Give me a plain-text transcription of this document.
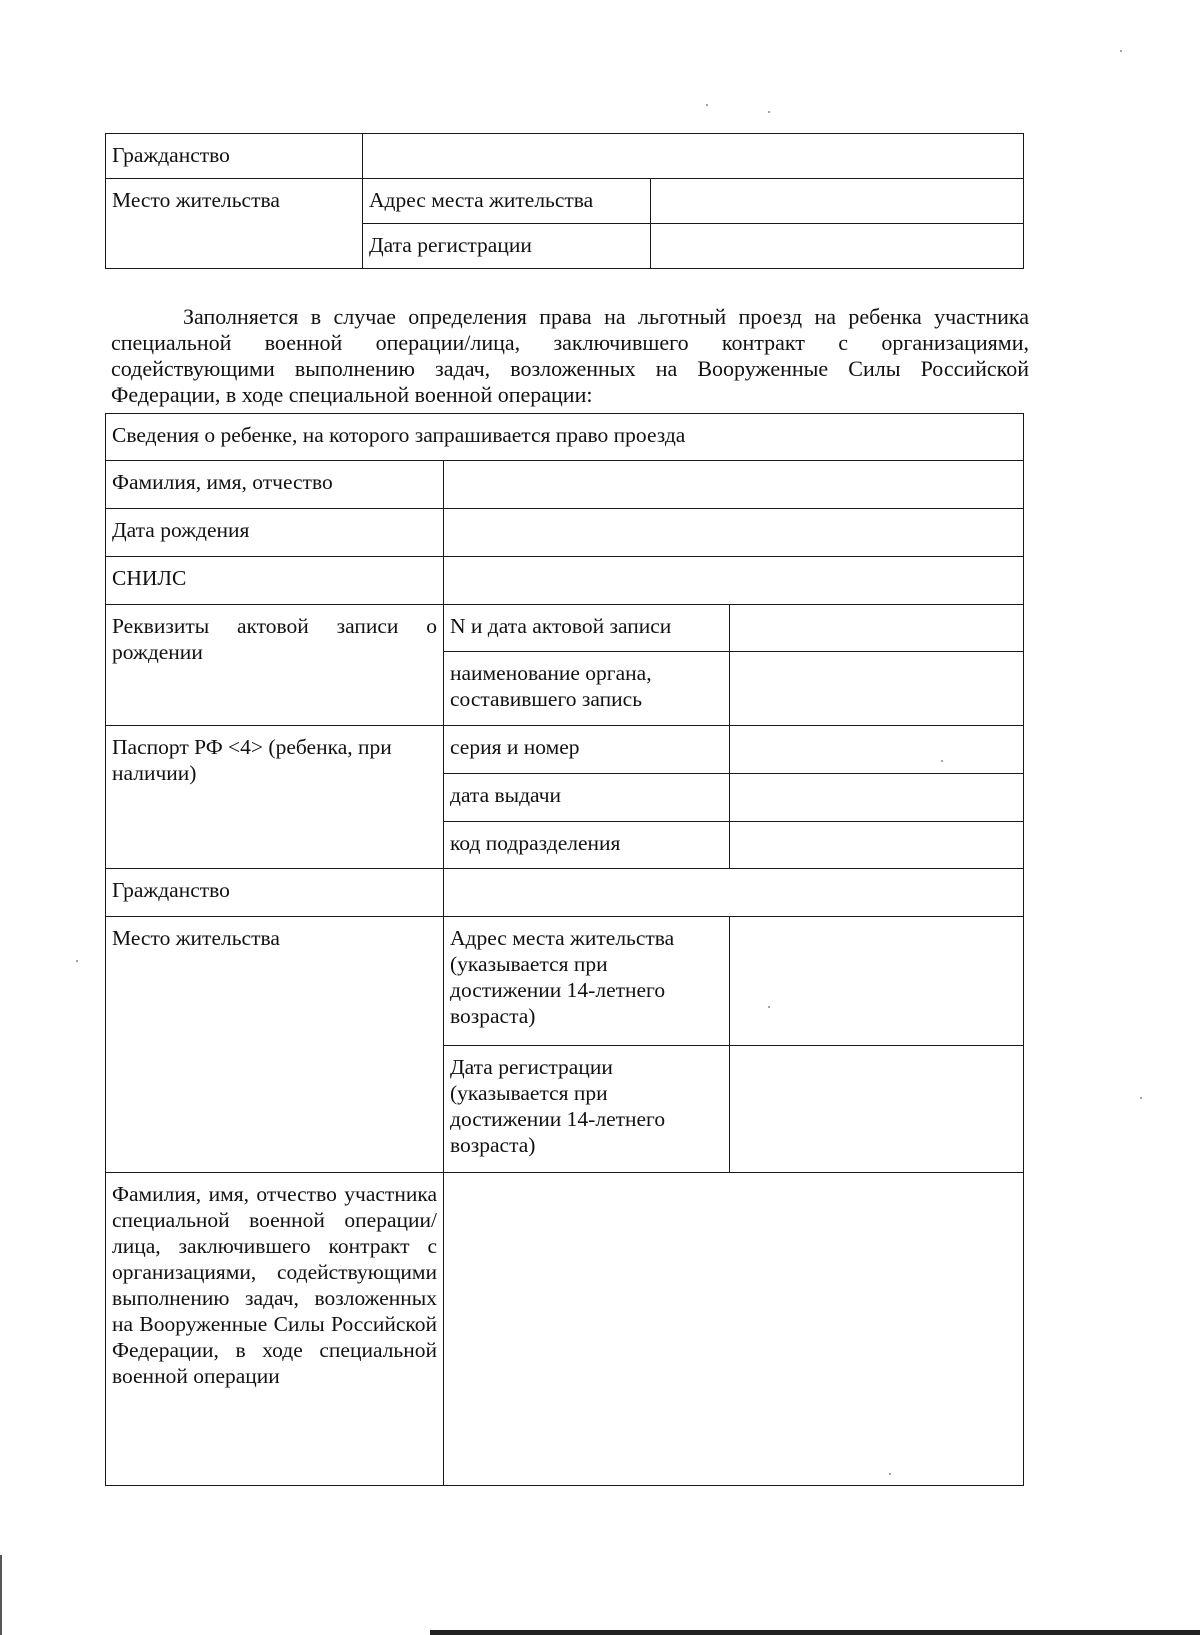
Гражданство		
Место жительства	Адрес места жительства	
	Дата регистрации	
Заполняется в случае определения права на льготный проезд на ребенка участника специальной военной операции/лица, заключившего контракт с организациями, содействующими выполнению задач, возложенных на Вооруженные Силы Российской Федерации, в ходе специальной военной операции:
Сведения о ребенке, на которого запрашивается право проезда		
Фамилия, имя, отчество		
Дата рождения		
СНИЛС		
Реквизиты актовой записи о рождении	N и дата актовой записи	
	наименование органа, составившего запись	
Паспорт РФ <4> (ребенка, при наличии)	серия и номер	
	дата выдачи	
	код подразделения	
Гражданство		
Место жительства	Адрес места жительства (указывается при достижении 14-летнего возраста)	
	Дата регистрации (указывается при достижении 14-летнего возраста)	
Фамилия, имя, отчество участника специальной военной операции/лица, заключившего контракт с организациями, содействующими выполнению задач, возложенных на Вооруженные Силы Российской Федерации, в ходе специальной военной операции		
